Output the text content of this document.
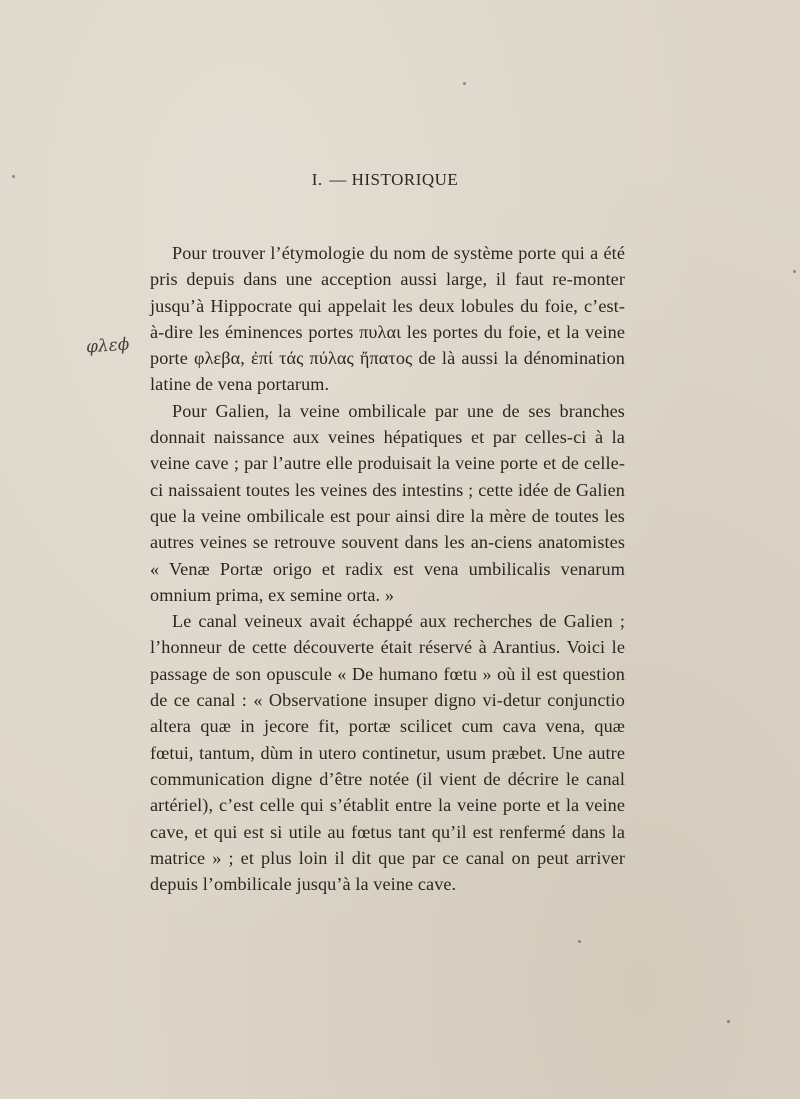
I. — HISTORIQUE
φλεϕ

Pour trouver l’étymologie du nom de système porte qui a été pris depuis dans une acception aussi large, il faut re-monter jusqu’à Hippocrate qui appelait les deux lobules du foie, c’est-à-dire les éminences portes πυλαι les portes du foie, et la veine porte φλεβα, ἐπί τάς πύλας ἤπατος de là aussi la dénomination latine de vena portarum.

Pour Galien, la veine ombilicale par une de ses branches donnait naissance aux veines hépatiques et par celles-ci à la veine cave ; par l’autre elle produisait la veine porte et de celle-ci naissaient toutes les veines des intestins ; cette idée de Galien que la veine ombilicale est pour ainsi dire la mère de toutes les autres veines se retrouve souvent dans les an-ciens anatomistes « Venæ Portæ origo et radix est vena umbilicalis venarum omnium prima, ex semine orta. »

Le canal veineux avait échappé aux recherches de Galien ; l’honneur de cette découverte était réservé à Arantius. Voici le passage de son opuscule « De humano fœtu » où il est question de ce canal : « Observatione insuper digno vi-detur conjunctio altera quæ in jecore fit, portæ scilicet cum cava vena, quæ fœtui, tantum, dùm in utero continetur, usum præbet. Une autre communication digne d’être notée (il vient de décrire le canal artériel), c’est celle qui s’établit entre la veine porte et la veine cave, et qui est si utile au fœtus tant qu’il est renfermé dans la matrice » ; et plus loin il dit que par ce canal on peut arriver depuis l’ombilicale jusqu’à la veine cave.
